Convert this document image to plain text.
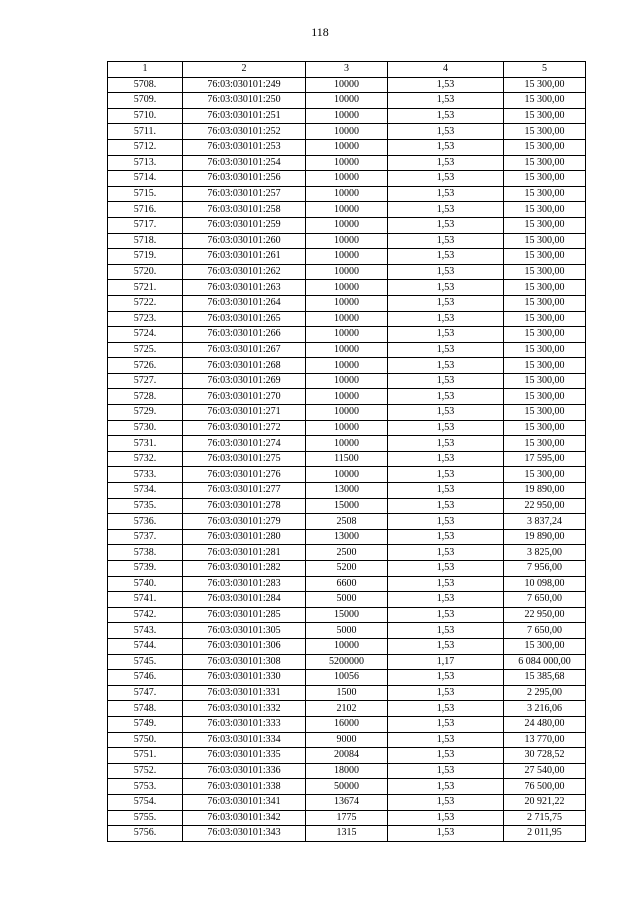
118
1	2	3	4	5
5708.	76:03:030101:249	10000	1,53	15 300,00
5709.	76:03:030101:250	10000	1,53	15 300,00
5710.	76:03:030101:251	10000	1,53	15 300,00
5711.	76:03:030101:252	10000	1,53	15 300,00
5712.	76:03:030101:253	10000	1,53	15 300,00
5713.	76:03:030101:254	10000	1,53	15 300,00
5714.	76:03:030101:256	10000	1,53	15 300,00
5715.	76:03:030101:257	10000	1,53	15 300,00
5716.	76:03:030101:258	10000	1,53	15 300,00
5717.	76:03:030101:259	10000	1,53	15 300,00
5718.	76:03:030101:260	10000	1,53	15 300,00
5719.	76:03:030101:261	10000	1,53	15 300,00
5720.	76:03:030101:262	10000	1,53	15 300,00
5721.	76:03:030101:263	10000	1,53	15 300,00
5722.	76:03:030101:264	10000	1,53	15 300,00
5723.	76:03:030101:265	10000	1,53	15 300,00
5724.	76:03:030101:266	10000	1,53	15 300,00
5725.	76:03:030101:267	10000	1,53	15 300,00
5726.	76:03:030101:268	10000	1,53	15 300,00
5727.	76:03:030101:269	10000	1,53	15 300,00
5728.	76:03:030101:270	10000	1,53	15 300,00
5729.	76:03:030101:271	10000	1,53	15 300,00
5730.	76:03:030101:272	10000	1,53	15 300,00
5731.	76:03:030101:274	10000	1,53	15 300,00
5732.	76:03:030101:275	11500	1,53	17 595,00
5733.	76:03:030101:276	10000	1,53	15 300,00
5734.	76:03:030101:277	13000	1,53	19 890,00
5735.	76:03:030101:278	15000	1,53	22 950,00
5736.	76:03:030101:279	2508	1,53	3 837,24
5737.	76:03:030101:280	13000	1,53	19 890,00
5738.	76:03:030101:281	2500	1,53	3 825,00
5739.	76:03:030101:282	5200	1,53	7 956,00
5740.	76:03:030101:283	6600	1,53	10 098,00
5741.	76:03:030101:284	5000	1,53	7 650,00
5742.	76:03:030101:285	15000	1,53	22 950,00
5743.	76:03:030101:305	5000	1,53	7 650,00
5744.	76:03:030101:306	10000	1,53	15 300,00
5745.	76:03:030101:308	5200000	1,17	6 084 000,00
5746.	76:03:030101:330	10056	1,53	15 385,68
5747.	76:03:030101:331	1500	1,53	2 295,00
5748.	76:03:030101:332	2102	1,53	3 216,06
5749.	76:03:030101:333	16000	1,53	24 480,00
5750.	76:03:030101:334	9000	1,53	13 770,00
5751.	76:03:030101:335	20084	1,53	30 728,52
5752.	76:03:030101:336	18000	1,53	27 540,00
5753.	76:03:030101:338	50000	1,53	76 500,00
5754.	76:03:030101:341	13674	1,53	20 921,22
5755.	76:03:030101:342	1775	1,53	2 715,75
5756.	76:03:030101:343	1315	1,53	2 011,95
